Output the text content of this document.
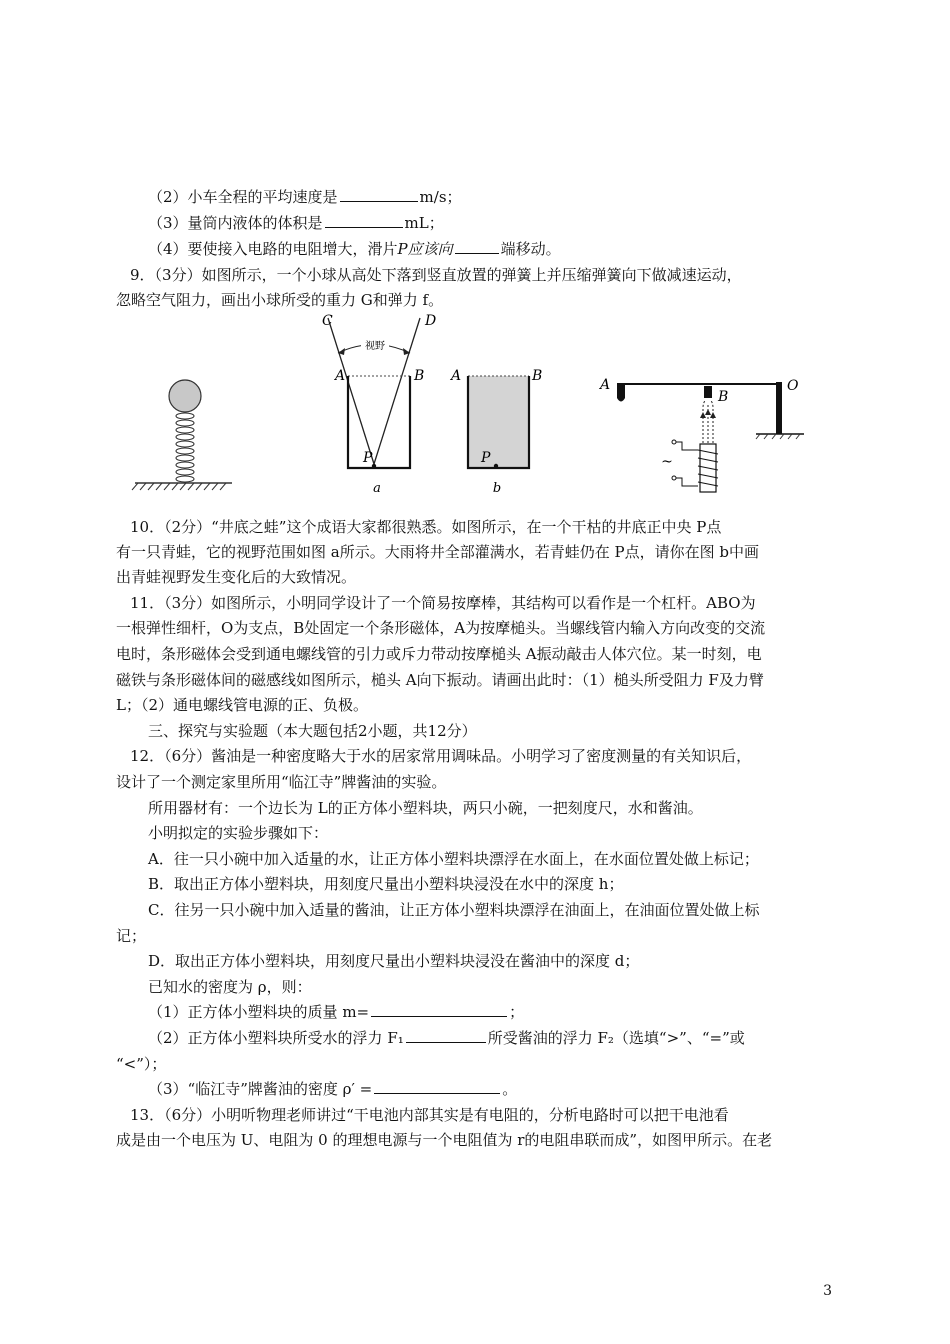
（2）小车全程的平均速度是	m/s；
（3）量筒内液体的体积是	mL；
（4）要使接入电路的电阻增大，滑片P应该向	端移动。
9．（3分）如图所示，一个小球从高处下落到竖直放置的弹簧上并压缩弹簧向下做减速运动，
忽略空气阻力，画出小球所受的重力 G和弹力 f。
视野
C	D
A	B
P
a
A	B
P
b
~
A
B
O
10．（2分）“井底之蛙”这个成语大家都很熟悉。如图所示，在一个干枯的井底正中央 P点
有一只青蛙，它的视野范围如图 a所示。大雨将井全部灌满水，若青蛙仍在 P点，请你在图 b中画
出青蛙视野发生变化后的大致情况。
11．（3分）如图所示，小明同学设计了一个简易按摩棒，其结构可以看作是一个杠杆。ABO为
一根弹性细杆，O为支点，B处固定一个条形磁体，A为按摩槌头。当螺线管内输入方向改变的交流
电时，条形磁体会受到通电螺线管的引力或斥力带动按摩槌头 A振动敲击人体穴位。某一时刻，电
磁铁与条形磁体间的磁感线如图所示，槌头 A向下振动。请画出此时：（1）槌头所受阻力 F及力臂
L；（2）通电螺线管电源的正、负极。
三、探究与实验题（本大题包括2小题，共12分）
12．（6分）酱油是一种密度略大于水的居家常用调味品。小明学习了密度测量的有关知识后，
设计了一个测定家里所用“临江寺”牌酱油的实验。
所用器材有：一个边长为 L的正方体小塑料块，两只小碗，一把刻度尺，水和酱油。
小明拟定的实验步骤如下：
A．往一只小碗中加入适量的水，让正方体小塑料块漂浮在水面上，在水面位置处做上标记；
B．取出正方体小塑料块，用刻度尺量出小塑料块浸没在水中的深度 h；
C．往另一只小碗中加入适量的酱油，让正方体小塑料块漂浮在油面上，在油面位置处做上标
记；
D．取出正方体小塑料块，用刻度尺量出小塑料块浸没在酱油中的深度 d；
已知水的密度为 ρ，则：
（1）正方体小塑料块的质量 m=	；
（2）正方体小塑料块所受水的浮力 F₁	所受酱油的浮力 F₂（选填“>”、“=”或
“<”）；
（3）“临江寺”牌酱油的密度 ρ′ =	。
13．（6分）小明听物理老师讲过“干电池内部其实是有电阻的，分析电路时可以把干电池看
成是由一个电压为 U、电阻为 0 的理想电源与一个电阻值为 r的电阻串联而成”，如图甲所示。在老
3
